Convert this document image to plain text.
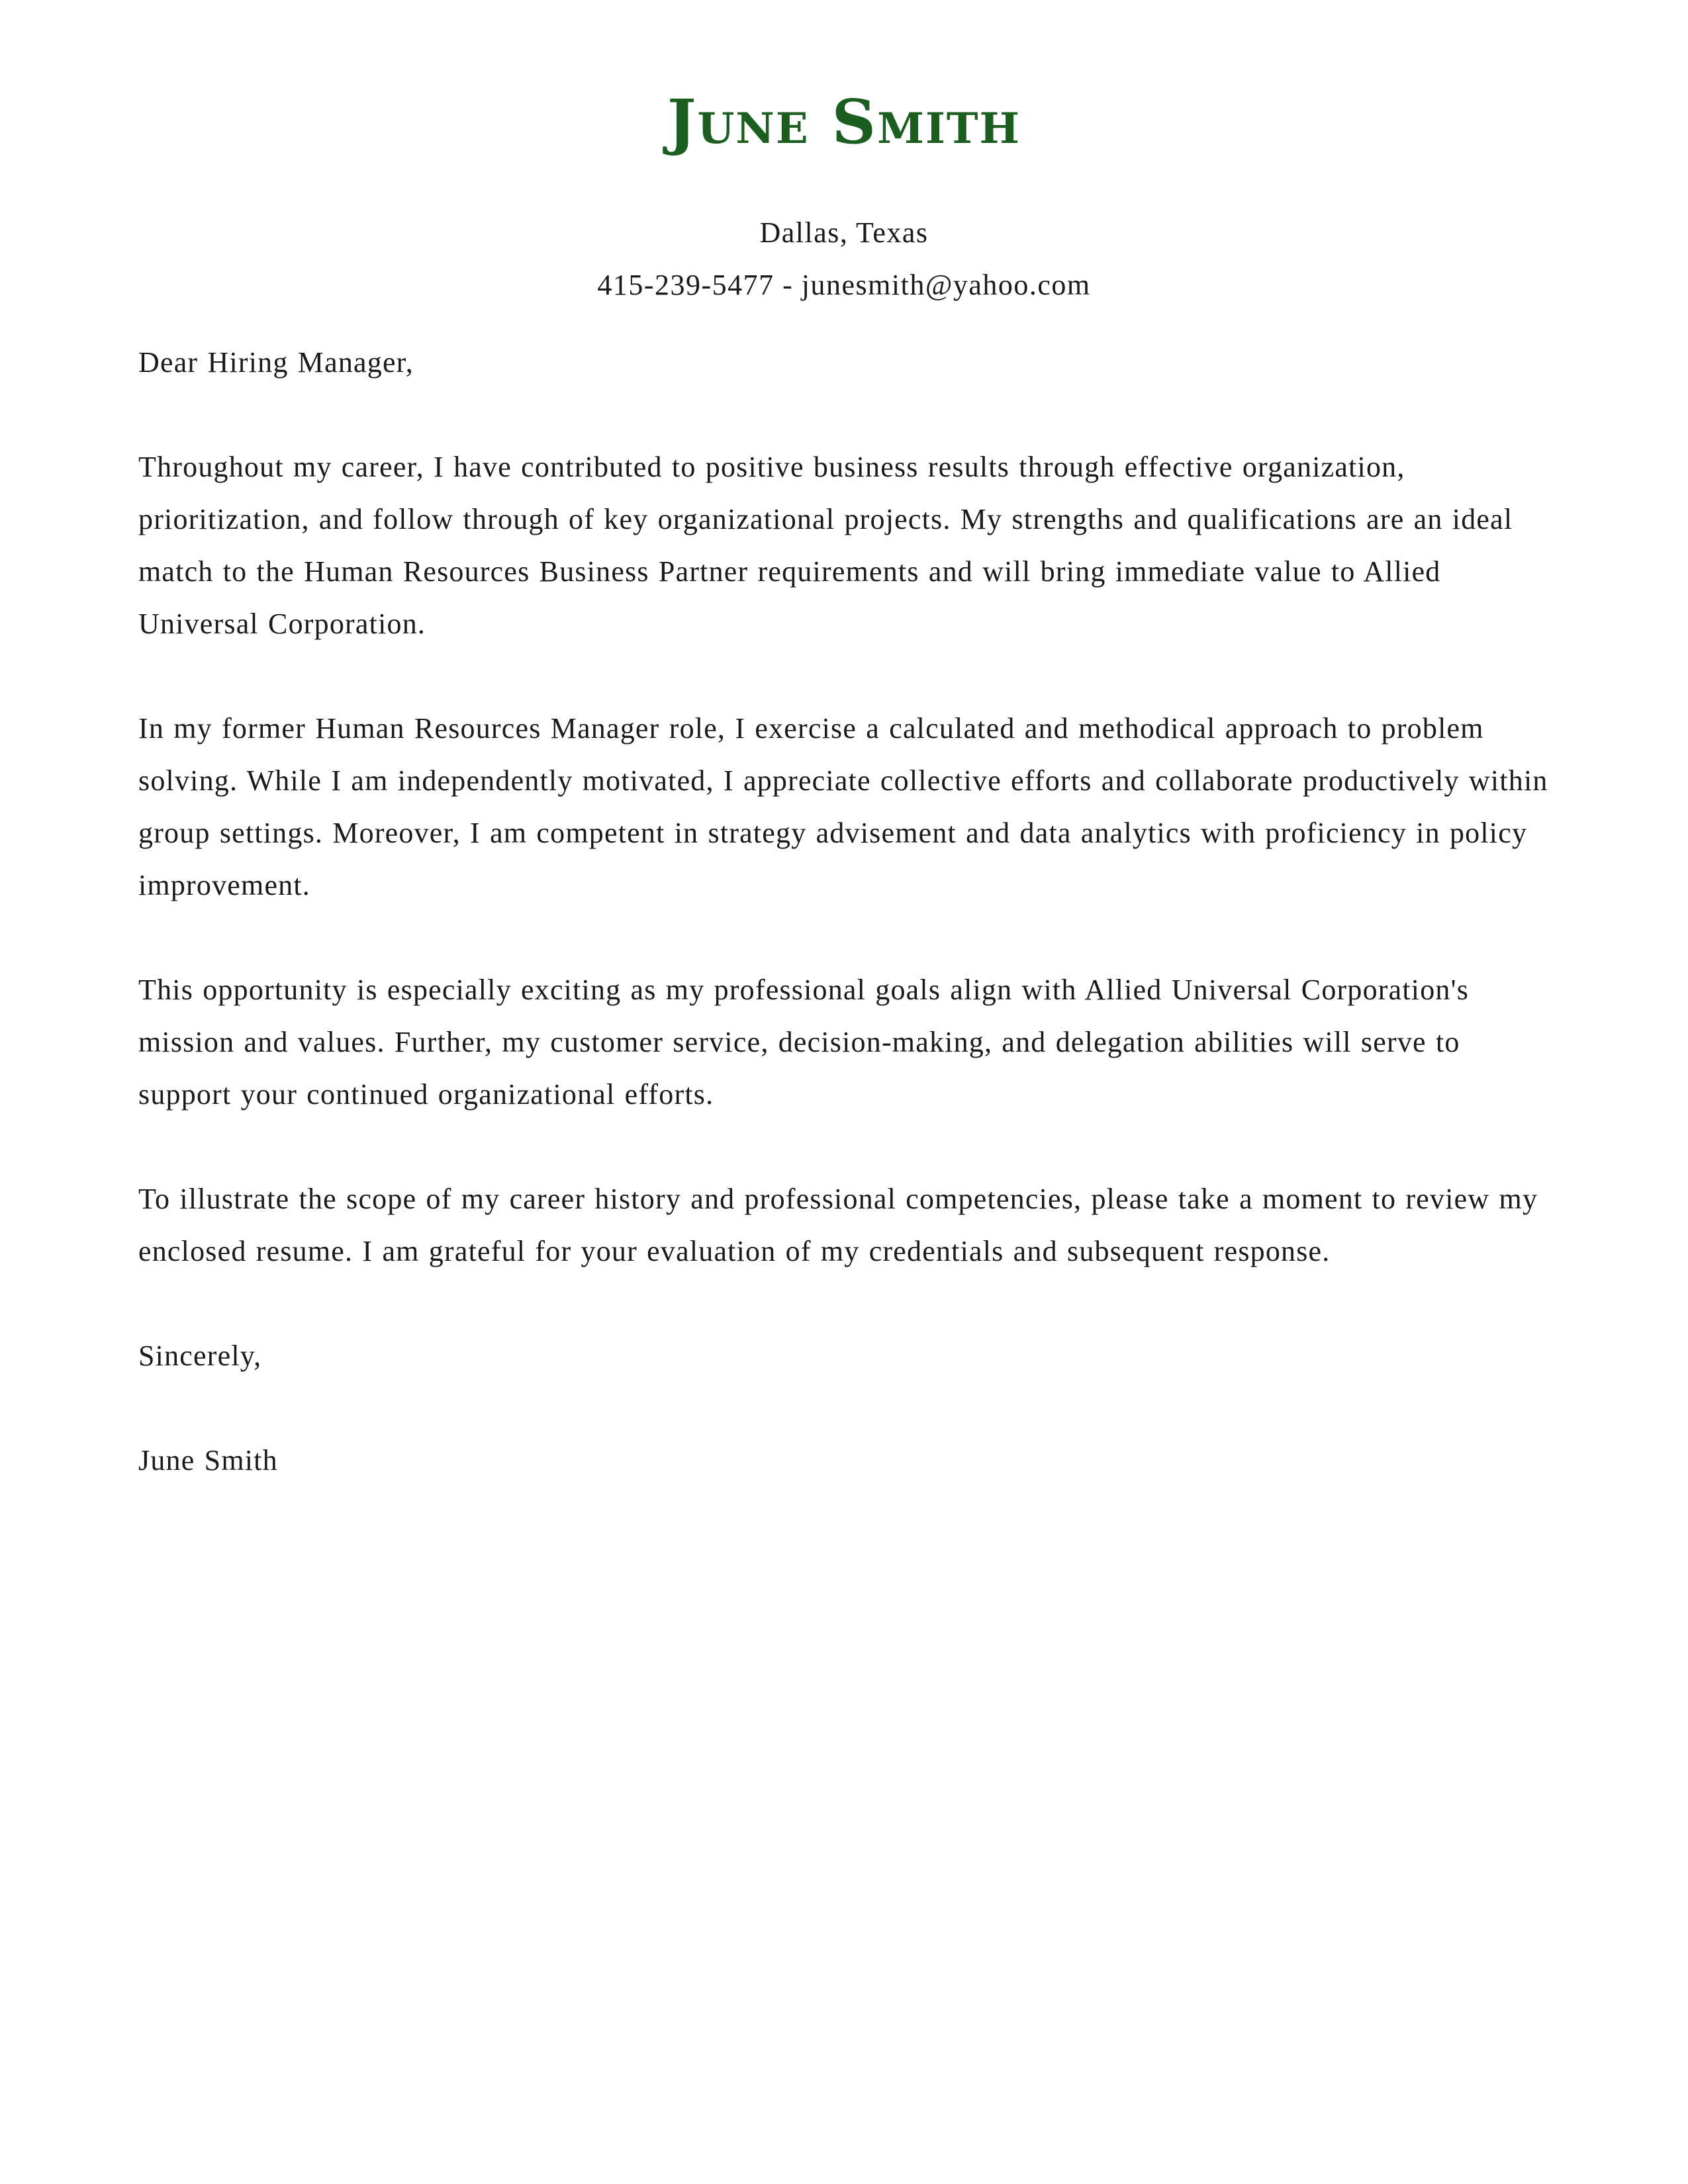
June Smith
Dallas, Texas
415-239-5477 - junesmith@yahoo.com

Dear Hiring Manager,

Throughout my career, I have contributed to positive business results through effective organization, prioritization, and follow through of key organizational projects. My strengths and qualifications are an ideal match to the Human Resources Business Partner requirements and will bring immediate value to Allied Universal Corporation.

In my former Human Resources Manager role, I exercise a calculated and methodical approach to problem solving. While I am independently motivated, I appreciate collective efforts and collaborate productively within group settings. Moreover, I am competent in strategy advisement and data analytics with proficiency in policy improvement.

This opportunity is especially exciting as my professional goals align with Allied Universal Corporation's mission and values. Further, my customer service, decision-making, and delegation abilities will serve to support your continued organizational efforts.

To illustrate the scope of my career history and professional competencies, please take a moment to review my enclosed resume. I am grateful for your evaluation of my credentials and subsequent response.

Sincerely,

June Smith
